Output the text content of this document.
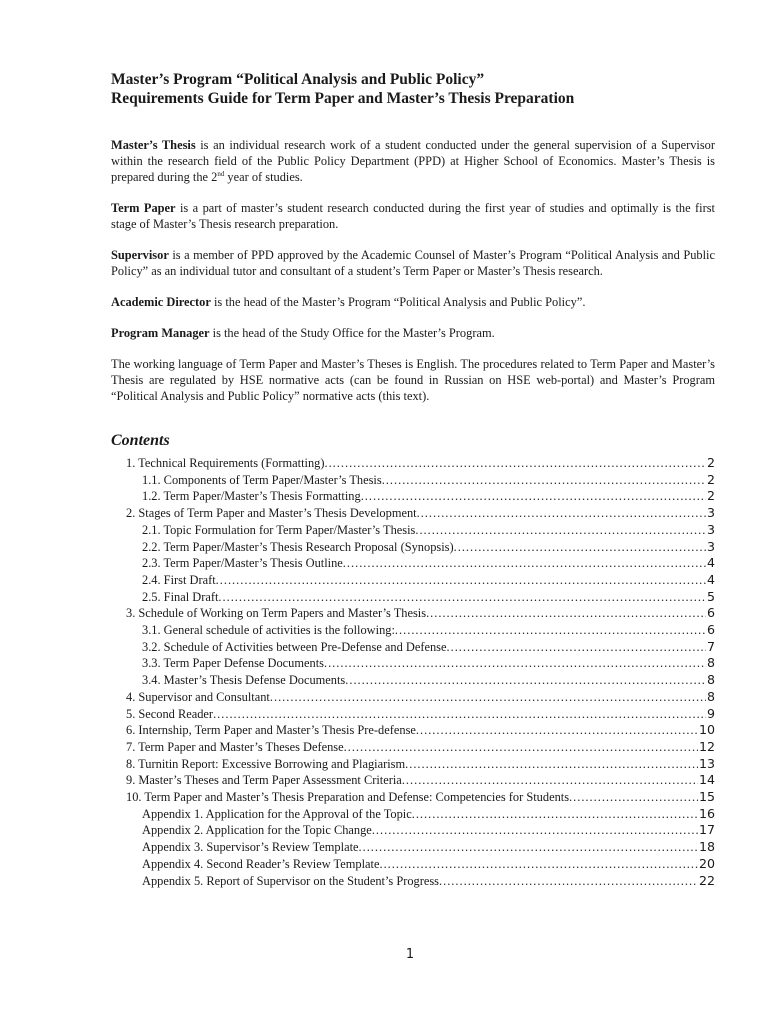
Master’s Program “Political Analysis and Public Policy”

Requirements Guide for Term Paper and Master’s Thesis Preparation

Master’s Thesis is an individual research work of a student conducted under the general supervision of a Supervisor within the research field of the Public Policy Department (PPD) at Higher School of Economics. Master’s Thesis is prepared during the 2nd year of studies.

Term Paper is a part of master’s student research conducted during the first year of studies and optimally is the first stage of Master’s Thesis research preparation.

Supervisor is a member of PPD approved by the Academic Counsel of Master’s Program “Political Analysis and Public Policy” as an individual tutor and consultant of a student’s Term Paper or Master’s Thesis research.

Academic Director is the head of the Master’s Program “Political Analysis and Public Policy”.

Program Manager is the head of the Study Office for the Master’s Program.

The working language of Term Paper and Master’s Theses is English. The procedures related to Term Paper and Master’s Thesis are regulated by HSE normative acts (can be found in Russian on HSE web-portal) and Master’s Program “Political Analysis and Public Policy” normative acts (this text).

Contents
1. Technical Requirements (Formatting) .....	2
1.1. Components of Term Paper/Master’s Thesis .....	2
1.2. Term Paper/Master’s Thesis Formatting .....	2
2. Stages of Term Paper and Master’s Thesis Development .....	3
2.1. Topic Formulation for Term Paper/Master’s Thesis .....	3
2.2. Term Paper/Master’s Thesis Research Proposal (Synopsis) .....	3
2.3. Term Paper/Master’s Thesis Outline .....	4
2.4. First Draft .....	4
2.5. Final Draft .....	5
3. Schedule of Working on Term Papers and Master’s Thesis .....	6
3.1. General schedule of activities is the following: .....	6
3.2. Schedule of Activities between Pre-Defense and Defense .....	7
3.3. Term Paper Defense Documents .....	8
3.4. Master’s Thesis Defense Documents .....	8
4. Supervisor and Consultant .....	8
5. Second Reader .....	9
6. Internship, Term Paper and Master’s Thesis Pre-defense .....	10
7. Term Paper and Master’s Theses Defense .....	12
8. Turnitin Report: Excessive Borrowing and Plagiarism .....	13
9. Master’s Theses and Term Paper Assessment Criteria .....	14
10. Term Paper and Master’s Thesis Preparation and Defense: Competencies for Students .....	15
Appendix 1. Application for the Approval of the Topic .....	16
Appendix 2. Application for the Topic Change .....	17
Appendix 3. Supervisor’s Review Template .....	18
Appendix 4. Second Reader’s Review Template .....	20
Appendix 5. Report of Supervisor on the Student’s Progress .....	22
1
